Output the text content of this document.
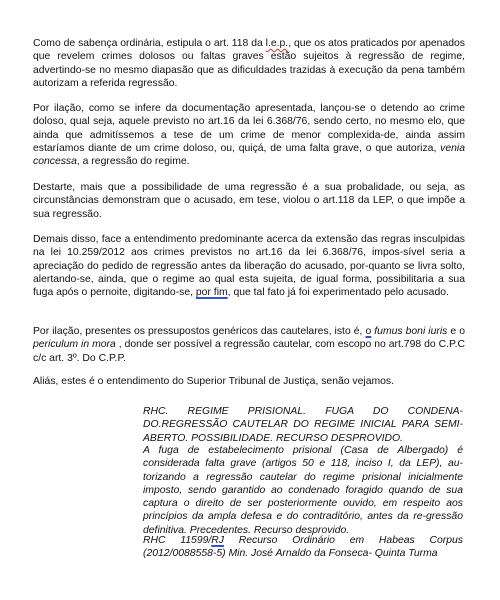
Como de sabença ordinária, estipula o art. 118 da l.e.p., que os atos praticados por apenados que revelem crimes dolosos ou faltas graves estão sujeitos à regressão de regime, advertindo-se no mesmo diapasão que as dificuldades trazidas à execução da pena também autorizam a referida regressão.

Por ilação, como se infere da documentação apresentada, lançou-se o detendo ao crime doloso, qual seja, aquele previsto no art.16 da lei 6.368/76, sendo certo, no mesmo elo, que ainda que admitíssemos a tese de um crime de menor complexida-de, ainda assim estaríamos diante de um crime doloso, ou, quiçá, de uma falta grave, o que autoriza, venia concessa, a regressão do regime.

Destarte, mais que a possibilidade de uma regressão é a sua probalidade, ou seja, as circunstâncias demonstram que o acusado, em tese, violou o art.118 da LEP, o que impõe a sua regressão.

Demais disso, face a entendimento predominante acerca da extensão das regras insculpidas na lei 10.259/2012 aos crimes previstos no art.16 da lei 6.368/76, impos-sível seria a apreciação do pedido de regressão antes da liberação do acusado, por-quanto se livra solto, alertando-se, ainda, que o regime ao qual esta sujeita, de igual forma, possibilitaria a sua fuga após o pernoite, digitando-se, por fim, que tal fato já foi experimentado pelo acusado.

Por ilação, presentes os pressupostos genéricos das cautelares, isto é, o fumus boni iuris e o periculum in mora , donde ser possível a regressão cautelar, com escopo no art.798 do C.P.C c/c art. 3º. Do C.P.P.

Aliás, estes é o entendimento do Superior Tribunal de Justiça, senão vejamos.

RHC. REGIME PRISIONAL. FUGA DO CONDENA-DO.REGRESSÃO CAUTELAR DO REGIME INICIAL PARA SEMI-ABERTO. POSSIBILIDADE. RECURSO DESPROVIDO.

A fuga de estabelecimento prisional (Casa de Albergado) é considerada falta grave (artigos 50 e 118, inciso I, da LEP), au-torizando a regressão cautelar do regime prisional inicialmente imposto, sendo garantido ao condenado foragido quando de sua captura o direito de ser posteriormente ouvido, em respeito aos princípios da ampla defesa e do contraditório, antes da re-gressão definitiva. Precedentes. Recurso desprovido.

RHC 11599/RJ Recurso Ordinário em Habeas Corpus (2012/0088558-5) Min. José Arnaldo da Fonseca- Quinta Turma
